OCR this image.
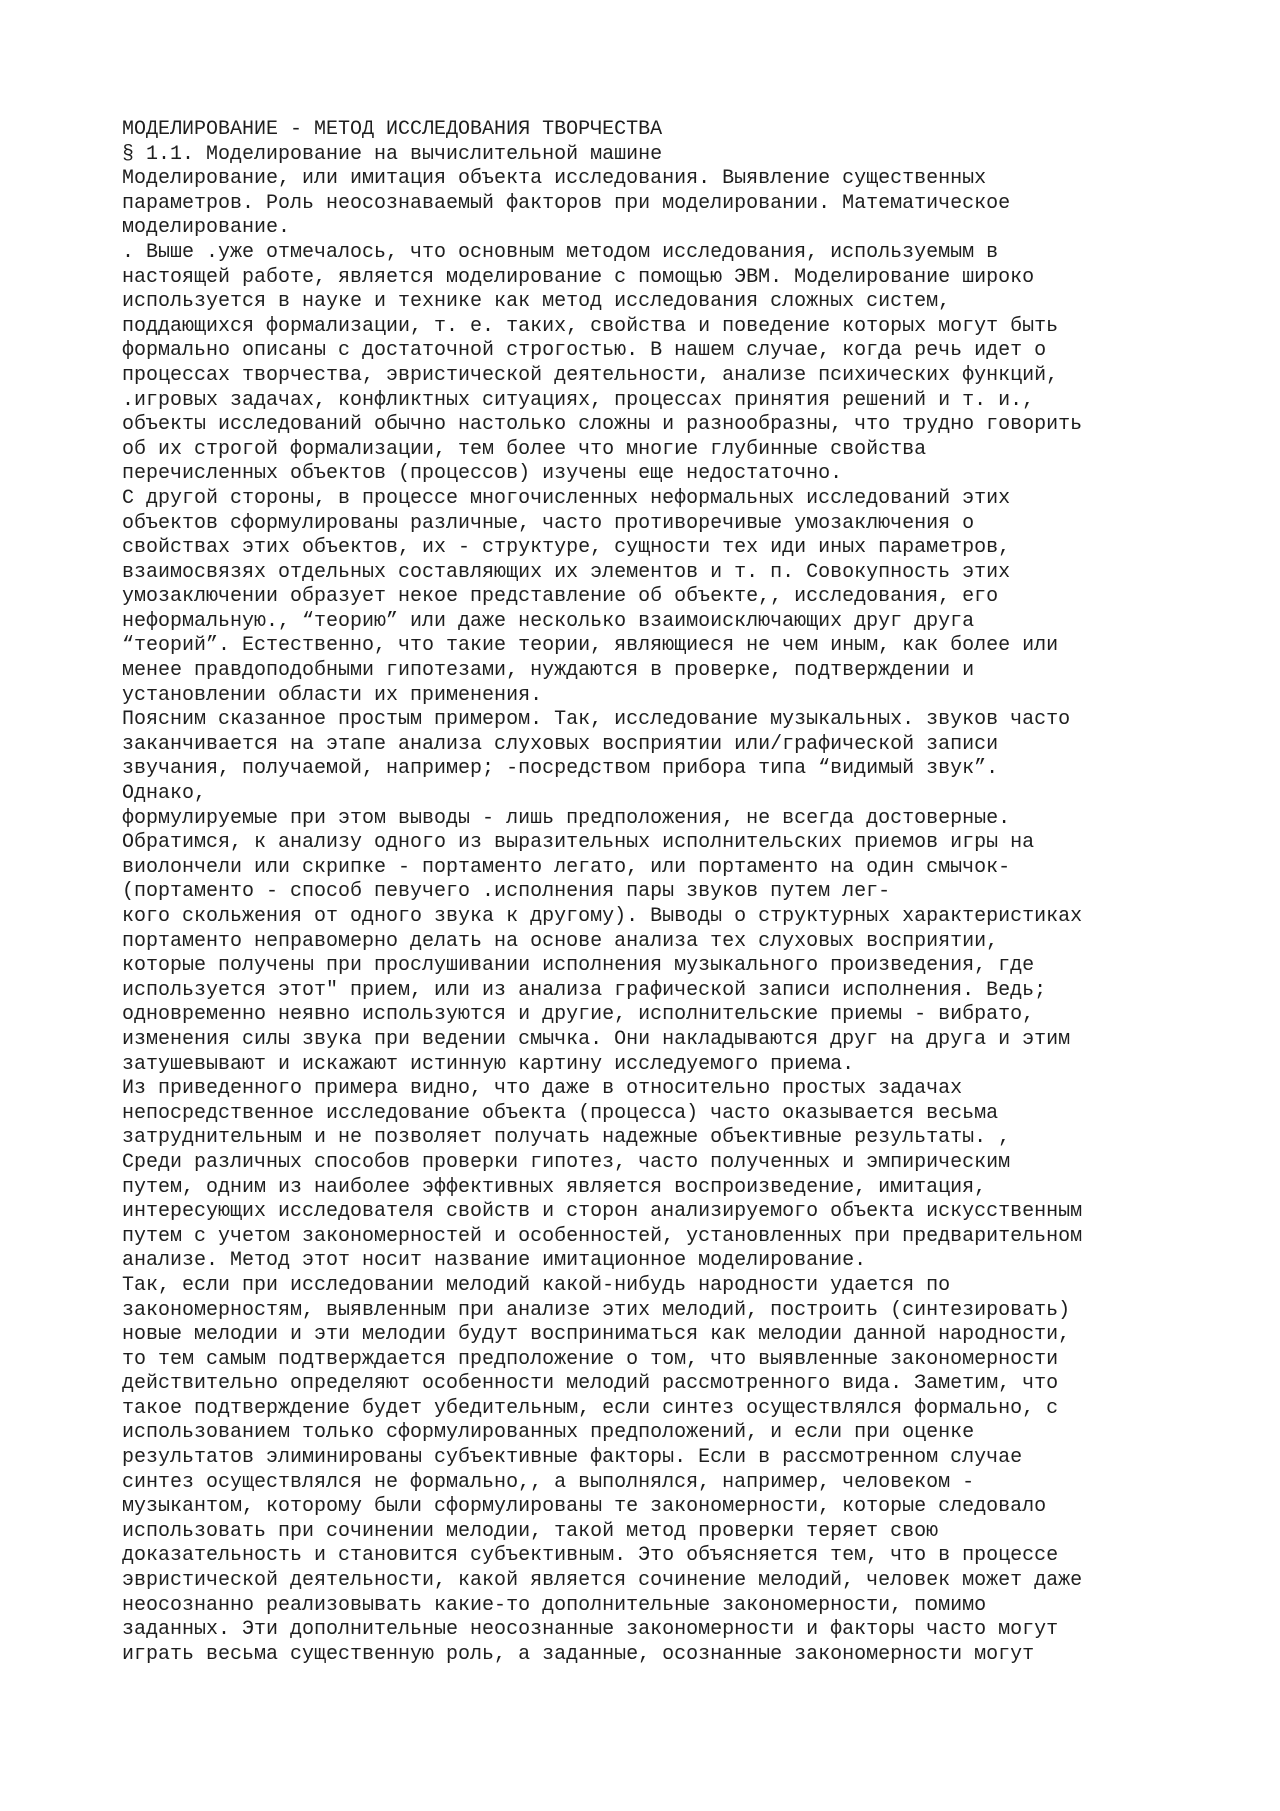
МОДЕЛИРОВАНИЕ - МЕТОД ИССЛЕДОВАНИЯ ТВОРЧЕСТВА
§ 1.1. Моделирование на вычислительной машине
Моделирование, или имитация объекта исследования. Выявление существенных
параметров. Роль неосознаваемый факторов при моделировании. Математическое
моделирование.
. Выше .уже отмечалось, что основным методом исследования, используемым в
настоящей работе, является моделирование с помощью ЭВМ. Моделирование широко
используется в науке и технике как метод исследования сложных систем,
поддающихся формализации, т. е. таких, свойства и поведение которых могут быть
формально описаны с достаточной строгостью. В нашем случае, когда речь идет о
процессах творчества, эвристической деятельности, анализе психических функций,
.игровых задачах, конфликтных ситуациях, процессах принятия решений и т. и.,
объекты исследований обычно настолько сложны и разнообразны, что трудно говорить
об их строгой формализации, тем более что многие глубинные свойства
перечисленных объектов (процессов) изучены еще недостаточно.
С другой стороны, в процессе многочисленных неформальных исследований этих
объектов сформулированы различные, часто противоречивые умозаключения о
свойствах этих объектов, их - структуре, сущности тех иди иных параметров,
взаимосвязях отдельных составляющих их элементов и т. п. Совокупность этих
умозаключении образует некое представление об объекте,, исследования, его
неформальную., “теорию” или даже несколько взаимоисключающих друг друга
“теорий”. Естественно, что такие теории, являющиеся не чем иным, как более или
менее правдоподобными гипотезами, нуждаются в проверке, подтверждении и
установлении области их применения.
Поясним сказанное простым примером. Так, исследование музыкальных. звуков часто
заканчивается на этапе анализа слуховых восприятии или/графической записи
звучания, получаемой, например; -посредством прибора типа “видимый звук”.
Однако,
формулируемые при этом выводы - лишь предположения, не всегда достоверные.
Обратимся, к анализу одного из выразительных исполнительских приемов игры на
виолончели или скрипке - портаменто легато, или портаменто на один смычок-
(портаменто - способ певучего .исполнения пары звуков путем лег-
кого скольжения от одного звука к другому). Выводы о структурных характеристиках
портаменто неправомерно делать на основе анализа тех слуховых восприятии,
которые получены при прослушивании исполнения музыкального произведения, где
используется этот" прием, или из анализа графической записи исполнения. Ведь;
одновременно неявно используются и другие, исполнительские приемы - вибрато,
изменения силы звука при ведении смычка. Они накладываются друг на друга и этим
затушевывают и искажают истинную картину исследуемого приема.
Из приведенного примера видно, что даже в относительно простых задачах
непосредственное исследование объекта (процесса) часто оказывается весьма
затруднительным и не позволяет получать надежные объективные результаты. ,
Среди различных способов проверки гипотез, часто полученных и эмпирическим
путем, одним из наиболее эффективных является воспроизведение, имитация,
интересующих исследователя свойств и сторон анализируемого объекта искусственным
путем с учетом закономерностей и особенностей, установленных при предварительном
анализе. Метод этот носит название имитационное моделирование.
Так, если при исследовании мелодий какой-нибудь народности удается по
закономерностям, выявленным при анализе этих мелодий, построить (синтезировать)
новые мелодии и эти мелодии будут восприниматься как мелодии данной народности,
то тем самым подтверждается предположение о том, что выявленные закономерности
действительно определяют особенности мелодий рассмотренного вида. Заметим, что
такое подтверждение будет убедительным, если синтез осуществлялся формально, с
использованием только сформулированных предположений, и если при оценке
результатов элиминированы субъективные факторы. Если в рассмотренном случае
синтез осуществлялся не формально,, а выполнялся, например, человеком -
музыкантом, которому были сформулированы те закономерности, которые следовало
использовать при сочинении мелодии, такой метод проверки теряет свою
доказательность и становится субъективным. Это объясняется тем, что в процессе
эвристической деятельности, какой является сочинение мелодий, человек может даже
неосознанно реализовывать какие-то дополнительные закономерности, помимо
заданных. Эти дополнительные неосознанные закономерности и факторы часто могут
играть весьма существенную роль, а заданные, осознанные закономерности могут
